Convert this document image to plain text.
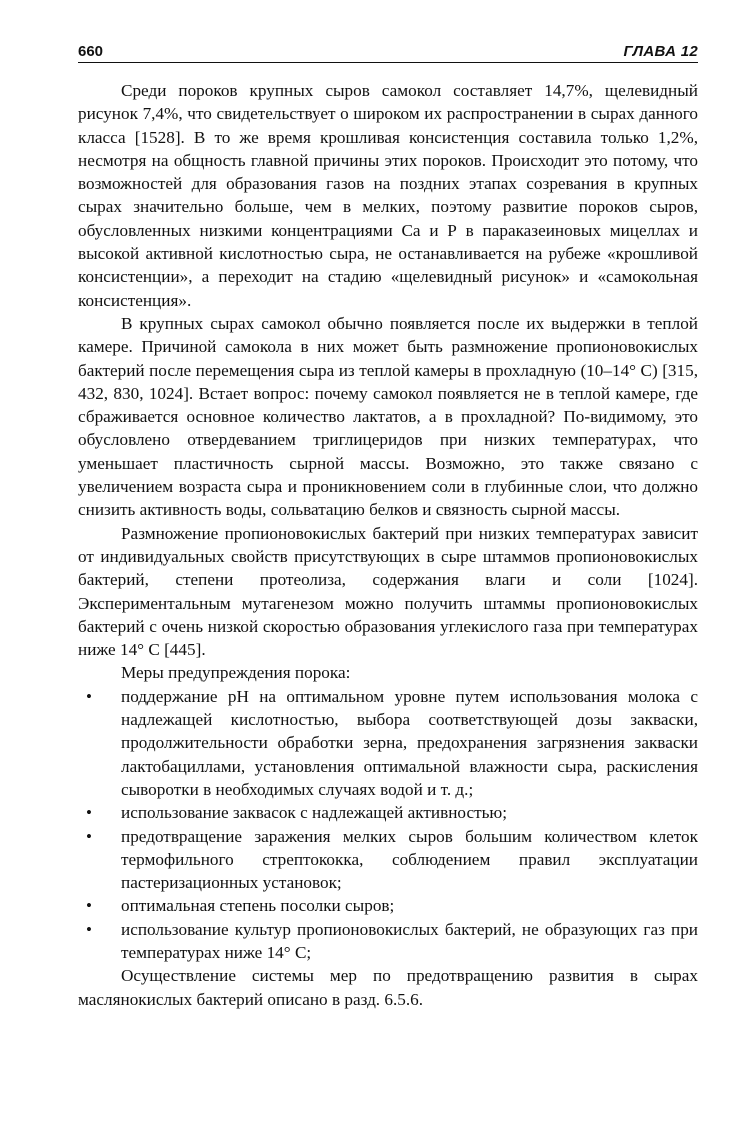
660	ГЛАВА 12

Среди пороков крупных сыров самокол составляет 14,7%, щелевидный рисунок 7,4%, что свидетельствует о широком их распространении в сырах данного класса [1528]. В то же время крошливая консистенция составила только 1,2%, несмотря на общность главной причины этих пороков. Происходит это потому, что возможностей для образования газов на поздних этапах созревания в крупных сырах значительно больше, чем в мелких, поэтому развитие пороков сыров, обусловленных низкими концентрациями Са и Р в параказеиновых мицеллах и высокой активной кислотностью сыра, не останавливается на рубеже «крошливой консистенции», а переходит на стадию «щелевидный рисунок» и «самокольная консистенция».

В крупных сырах самокол обычно появляется после их выдержки в теплой камере. Причиной самокола в них может быть размножение пропионовокислых бактерий после перемещения сыра из теплой камеры в прохладную (10–14° С) [315, 432, 830, 1024]. Встает вопрос: почему самокол появляется не в теплой камере, где сбраживается основное количество лактатов, а в прохладной? По-видимому, это обусловлено отвердеванием триглицеридов при низких температурах, что уменьшает пластичность сырной массы. Возможно, это также связано с увеличением возраста сыра и проникновением соли в глубинные слои, что должно снизить активность воды, сольватацию белков и связность сырной массы.

Размножение пропионовокислых бактерий при низких температурах зависит от индивидуальных свойств присутствующих в сыре штаммов пропионовокислых бактерий, степени протеолиза, содержания влаги и соли [1024]. Экспериментальным мутагенезом можно получить штаммы пропионовокислых бактерий с очень низкой скоростью образования углекислого газа при температурах ниже 14° С [445].

Меры предупреждения порока:

• поддержание рН на оптимальном уровне путем использования молока с надлежащей кислотностью, выбора соответствующей дозы закваски, продолжительности обработки зерна, предохранения загрязнения закваски лактобациллами, установления оптимальной влажности сыра, раскисления сыворотки в необходимых случаях водой и т. д.;
• использование заквасок с надлежащей активностью;
• предотвращение заражения мелких сыров большим количеством клеток термофильного стрептококка, соблюдением правил эксплуатации пастеризационных установок;
• оптимальная степень посолки сыров;
• использование культур пропионовокислых бактерий, не образующих газ при температурах ниже 14° С;

Осуществление системы мер по предотвращению развития в сырах маслянокислых бактерий описано в разд. 6.5.6.
